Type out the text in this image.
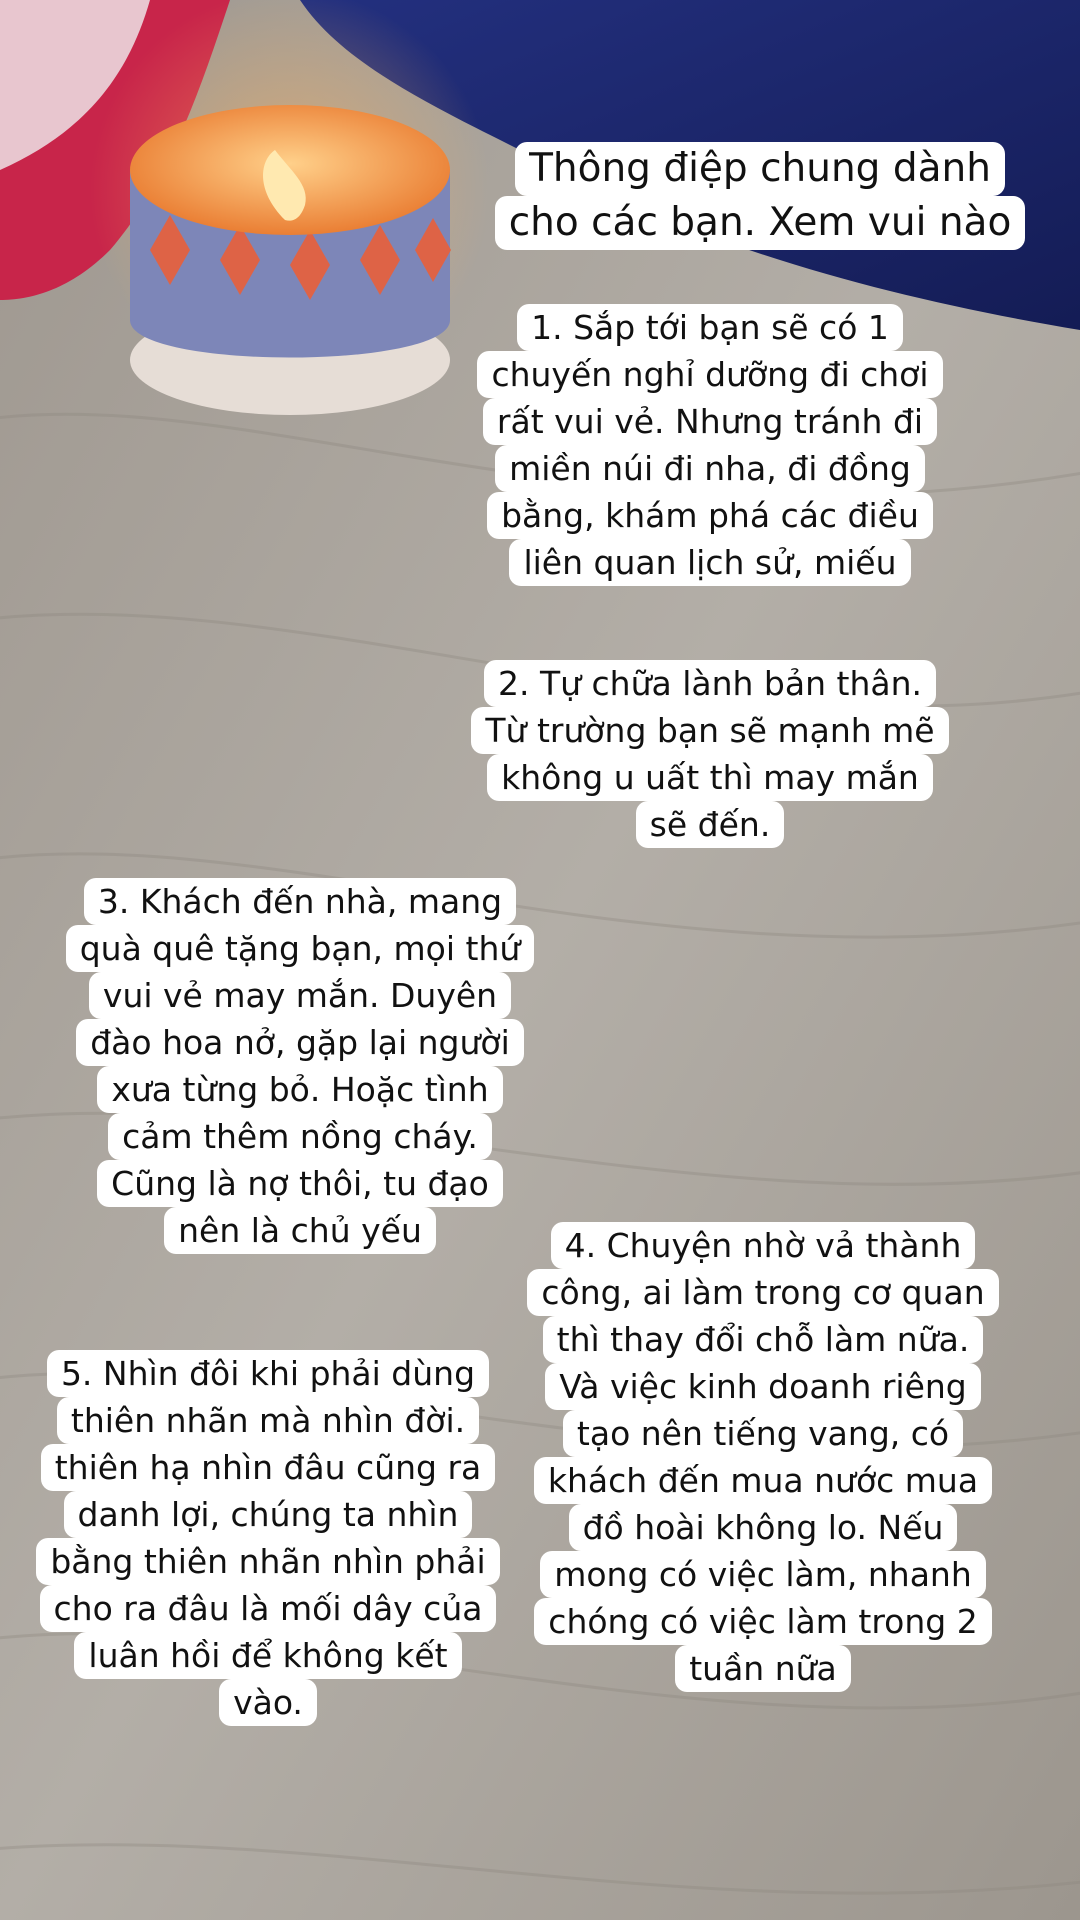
Thông điệp chung dành
cho các bạn. Xem vui nào
1. Sắp tới bạn sẽ có 1
chuyến nghỉ dưỡng đi chơi
rất vui vẻ. Nhưng tránh đi
miền núi đi nha, đi đồng
bằng, khám phá các điều
liên quan lịch sử, miếu
2. Tự chữa lành bản thân.
Từ trường bạn sẽ mạnh mẽ
không u uất thì may mắn
sẽ đến.
3. Khách đến nhà, mang
quà quê tặng bạn, mọi thứ
vui vẻ may mắn. Duyên
đào hoa nở, gặp lại người
xưa từng bỏ. Hoặc tình
cảm thêm nồng cháy.
Cũng là nợ thôi, tu đạo
nên là chủ yếu	4. Chuyện nhờ vả thành
công, ai làm trong cơ quan
thì thay đổi chỗ làm nữa.
Và việc kinh doanh riêng
tạo nên tiếng vang, có
khách đến mua nước mua
đồ hoài không lo. Nếu
mong có việc làm, nhanh
chóng có việc làm trong 2
tuần nữa
5. Nhìn đôi khi phải dùng
thiên nhãn mà nhìn đời.
thiên hạ nhìn đâu cũng ra
danh lợi, chúng ta nhìn
bằng thiên nhãn nhìn phải
cho ra đâu là mối dây của
luân hồi để không kết
vào.
